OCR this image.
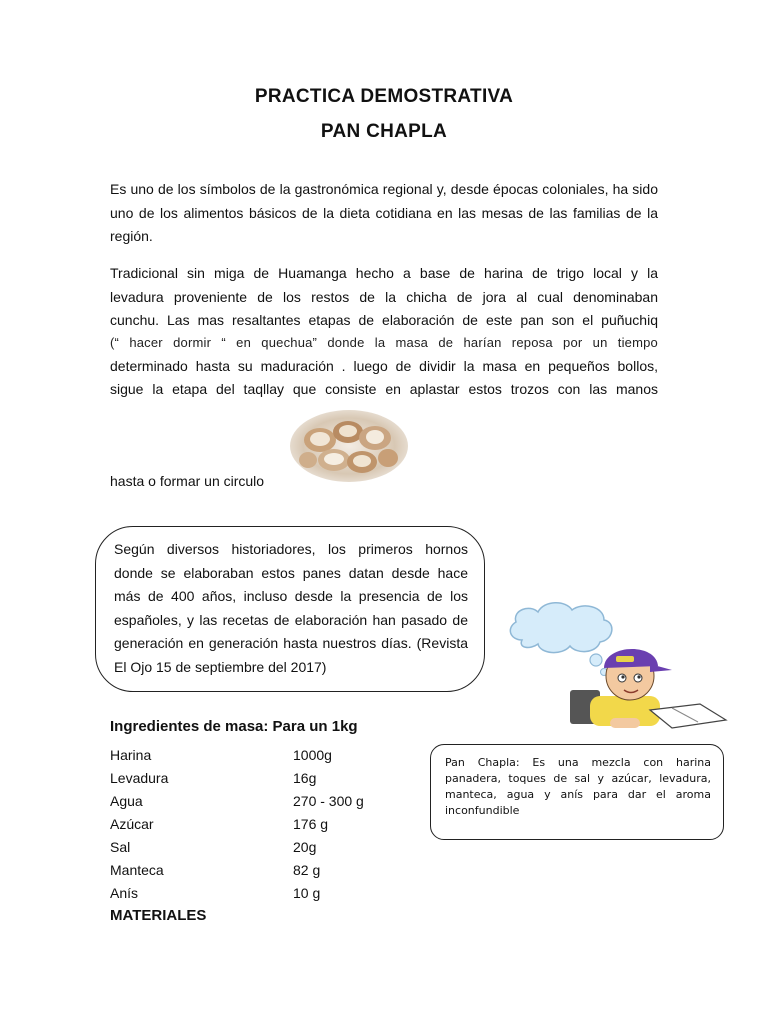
PRACTICA DEMOSTRATIVA
PAN CHAPLA

Es uno de los símbolos de la gastronómica regional y, desde épocas coloniales, ha sido uno de los alimentos básicos de la dieta cotidiana en las mesas de las familias de la región.

Tradicional sin miga de Huamanga hecho a base de harina de trigo local y la
levadura proveniente de los restos de la chicha de jora al cual denominaban
cunchu. Las mas resaltantes etapas de elaboración de este pan son el puñuchiq
(“ hacer dormir “ en quechua” donde la masa de harían reposa por un tiempo
determinado hasta su maduración . luego de dividir la masa en pequeños bollos,
sigue la etapa del taqllay que consiste en aplastar estos trozos con las manos
hasta o formar un circulo
Según diversos historiadores, los primeros hornos donde se elaboraban estos panes datan desde hace más de 400 años, incluso desde la presencia de los españoles, y las recetas de elaboración han pasado de generación en generación hasta nuestros días. (Revista El Ojo 15 de septiembre del 2017)
Ingredientes de masa: Para un 1kg
Harina	1000g
Levadura	16g
Agua	270 - 300 g
Azúcar	176 g
Sal	20g
Manteca	82 g
Anís	10 g
MATERIALES
Pan Chapla: Es una mezcla con harina panadera, toques de sal y azúcar, levadura, manteca, agua y anís para dar el aroma inconfundible
